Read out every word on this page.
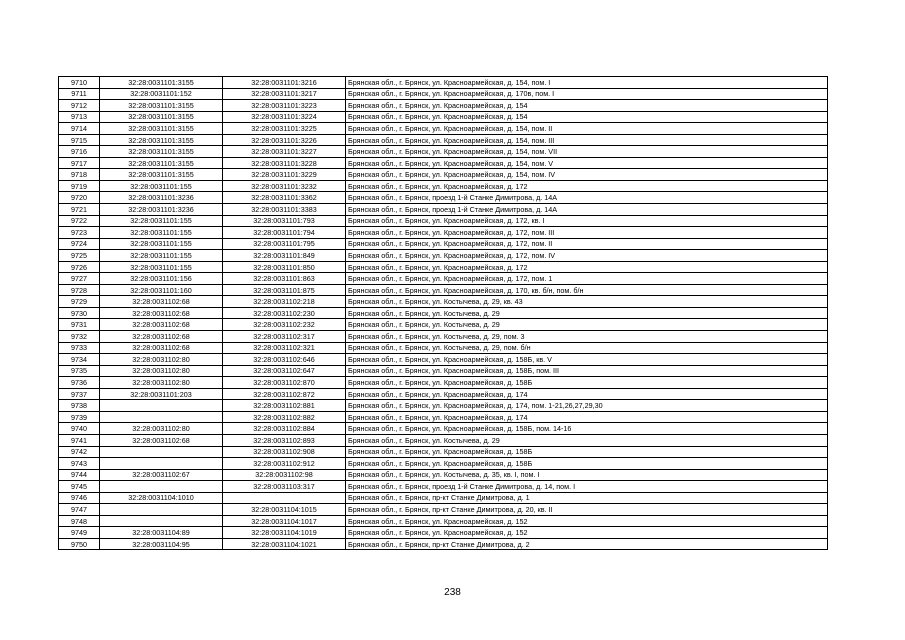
9710	32:28:0031101:3155	32:28:0031101:3216	Брянская обл., г. Брянск, ул. Красноармейская, д. 154, пом. I
9711	32:28:0031101:152	32:28:0031101:3217	Брянская обл., г. Брянск, ул. Красноармейская, д. 170в, пом. I
9712	32:28:0031101:3155	32:28:0031101:3223	Брянская обл., г. Брянск, ул. Красноармейская, д. 154
9713	32:28:0031101:3155	32:28:0031101:3224	Брянская обл., г. Брянск, ул. Красноармейская, д. 154
9714	32:28:0031101:3155	32:28:0031101:3225	Брянская обл., г. Брянск, ул. Красноармейская, д. 154, пом. II
9715	32:28:0031101:3155	32:28:0031101:3226	Брянская обл., г. Брянск, ул. Красноармейская, д. 154, пом. III
9716	32:28:0031101:3155	32:28:0031101:3227	Брянская обл., г. Брянск, ул. Красноармейская, д. 154, пом. VII
9717	32:28:0031101:3155	32:28:0031101:3228	Брянская обл., г. Брянск, ул. Красноармейская, д. 154, пом. V
9718	32:28:0031101:3155	32:28:0031101:3229	Брянская обл., г. Брянск, ул. Красноармейская, д. 154, пом. IV
9719	32:28:0031101:155	32:28:0031101:3232	Брянская обл., г. Брянск, ул. Красноармейская, д. 172
9720	32:28:0031101:3236	32:28:0031101:3362	Брянская обл., г. Брянск, проезд 1-й Станке Димитрова, д. 14А
9721	32:28:0031101:3236	32:28:0031101:3383	Брянская обл., г. Брянск, проезд 1-й Станке Димитрова, д. 14А
9722	32:28:0031101:155	32:28:0031101:793	Брянская обл., г. Брянск, ул. Красноармейская, д. 172, кв. I
9723	32:28:0031101:155	32:28:0031101:794	Брянская обл., г. Брянск, ул. Красноармейская, д. 172, пом. III
9724	32:28:0031101:155	32:28:0031101:795	Брянская обл., г. Брянск, ул. Красноармейская, д. 172, пом. II
9725	32:28:0031101:155	32:28:0031101:849	Брянская обл., г. Брянск, ул. Красноармейская, д. 172, пом. IV
9726	32:28:0031101:155	32:28:0031101:850	Брянская обл., г. Брянск, ул. Красноармейская, д. 172
9727	32:28:0031101:156	32:28:0031101:863	Брянская обл., г. Брянск, ул. Красноармейская, д. 172, пом. 1
9728	32:28:0031101:160	32:28:0031101:875	Брянская обл., г. Брянск, ул. Красноармейская, д. 170, кв. б/н, пом. б/н
9729	32:28:0031102:68	32:28:0031102:218	Брянская обл., г. Брянск, ул. Костычева, д. 29, кв. 43
9730	32:28:0031102:68	32:28:0031102:230	Брянская обл., г. Брянск, ул. Костычева, д. 29
9731	32:28:0031102:68	32:28:0031102:232	Брянская обл., г. Брянск, ул. Костычева, д. 29
9732	32:28:0031102:68	32:28:0031102:317	Брянская обл., г. Брянск, ул. Костычева, д. 29, пом. 3
9733	32:28:0031102:68	32:28:0031102:321	Брянская обл., г. Брянск, ул. Костычева, д. 29, пом. б/н
9734	32:28:0031102:80	32:28:0031102:646	Брянская обл., г. Брянск, ул. Красноармейская, д. 158Б, кв. V
9735	32:28:0031102:80	32:28:0031102:647	Брянская обл., г. Брянск, ул. Красноармейская, д. 158Б, пом. III
9736	32:28:0031102:80	32:28:0031102:870	Брянская обл., г. Брянск, ул. Красноармейская, д. 158Б
9737	32:28:0031101:203	32:28:0031102:872	Брянская обл., г. Брянск, ул. Красноармейская, д. 174
9738		32:28:0031102:881	Брянская обл., г. Брянск, ул. Красноармейская, д. 174, пом. 1-21,26,27,29,30
9739		32:28:0031102:882	Брянская обл., г. Брянск, ул. Красноармейская, д. 174
9740	32:28:0031102:80	32:28:0031102:884	Брянская обл., г. Брянск, ул. Красноармейская, д. 158Б, пом. 14-16
9741	32:28:0031102:68	32:28:0031102:893	Брянская обл., г. Брянск, ул. Костычева, д. 29
9742		32:28:0031102:908	Брянская обл., г. Брянск, ул. Красноармейская, д. 158Б
9743		32:28:0031102:912	Брянская обл., г. Брянск, ул. Красноармейская, д. 158Б
9744	32:28:0031102:67	32:28:0031102:98	Брянская обл., г. Брянск, ул. Костычева, д. 35, кв. I, пом. I
9745		32:28:0031103:317	Брянская обл., г. Брянск, проезд 1-й Станке Димитрова, д. 14, пом. I
9746	32:28:0031104:1010		Брянская обл., г. Брянск, пр-кт Станке Димитрова, д. 1
9747		32:28:0031104:1015	Брянская обл., г. Брянск, пр-кт Станке Димитрова, д. 20, кв. II
9748		32:28:0031104:1017	Брянская обл., г. Брянск, ул. Красноармейская, д. 152
9749	32:28:0031104:89	32:28:0031104:1019	Брянская обл., г. Брянск, ул. Красноармейская, д. 152
9750	32:28:0031104:95	32:28:0031104:1021	Брянская обл., г. Брянск, пр-кт Станке Димитрова, д. 2
238
